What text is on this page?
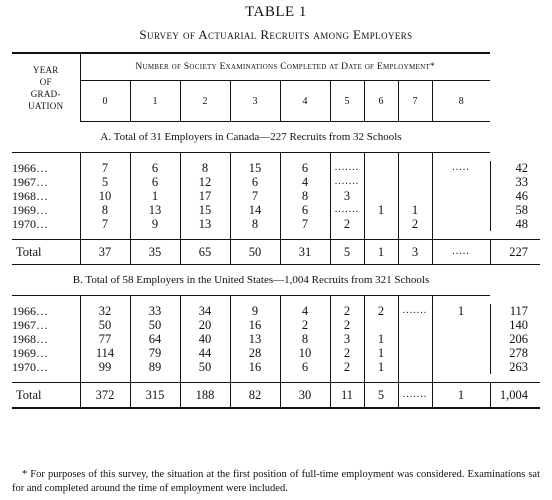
TABLE 1
Survey of Actuarial Recruits among Employers

YEAR
OF
GRAD-
UATION	Number of Society Examinations Completed at Date of Employment*									
	0	1	2	3	4	5	6	7	8	
A. Total of 31 Employers in Canada—227 Recruits from 32 Schools										

1966…	7	6	8	15	6	.......			.....	42
1967…	5	6	12	6	4	.......				33
1968…	10	1	17	7	8	3				46
1969…	8	13	15	14	6	.......	1	1		58
1970…	7	9	13	8	7	2		2		48

Total	37	35	65	50	31	5	1	3	.....	227
B. Total of 58 Employers in the United States—1,004 Recruits from 321 Schools										

1966…	32	33	34	9	4	2	2	.......	1	117
1967…	50	50	20	16	2	2				140
1968…	77	64	40	13	8	3	1			206
1969…	114	79	44	28	10	2	1			278
1970…	99	89	50	16	6	2	1			263

Total	372	315	188	82	30	11	5	.......	1	1,004
* For purposes of this survey, the situation at the first position of full-time employment was considered. Examinations sat for and completed around the time of employment were included.
